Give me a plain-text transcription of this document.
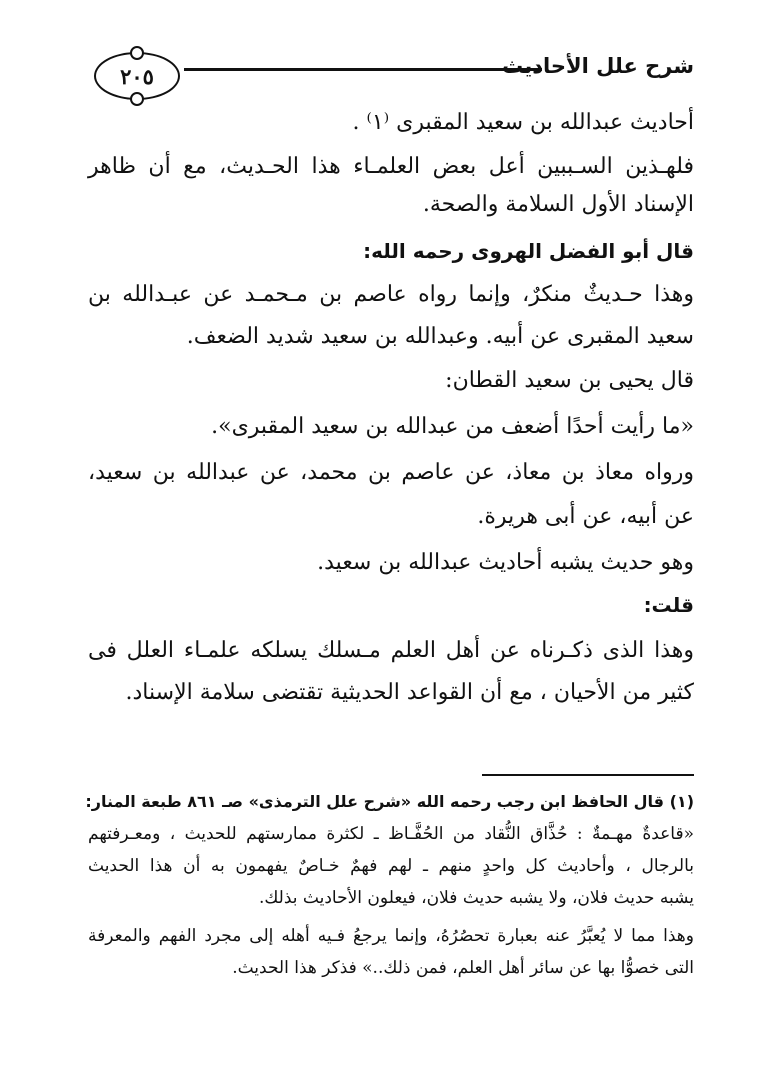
٢٠٥	شرح علل الأحاديث
أحاديث عبدالله بن سعيد المقبرى ⁽١⁾ .
فلهـذين السـببين أعل بعض العلمـاء هذا الحـديث، مع أن ظاهر
الإسناد الأول السلامة والصحة.
قال أبو الفضل الهروى رحمه الله:
وهذا حـديثٌ منكرٌ، وإنما رواه عاصم بن مـحمـد عن عبـدالله بن
سعيد المقبرى عن أبيه. وعبدالله بن سعيد شديد الضعف.
قال يحيى بن سعيد القطان:
«ما رأيت أحدًا أضعف من عبدالله بن سعيد المقبرى».
ورواه معاذ بن معاذ، عن عاصم بن محمد، عن عبدالله بن سعيد،
عن أبيه، عن أبى هريرة.
وهو حديث يشبه أحاديث عبدالله بن سعيد.
قلت:
وهذا الذى ذكـرناه عن أهل العلم مـسلك يسلكه علمـاء العلل فى
كثير من الأحيان ، مع أن القواعد الحديثية تقتضى سلامة الإسناد.
(١) قال الحافظ ابن رجب رحمه الله «شرح علل الترمذى» صـ ٨٦١ طبعة المنار:
«قاعدةٌ مهـمةٌ : حُذَّاق النُّقاد من الحُفَّـاظ ـ لكثرة ممارستهم للحديث ، ومعـرفتهم
بالرجال ، وأحاديث كل واحدٍ منهم ـ لهم فهمٌ خـاصٌ يفهمون به أن هذا الحديث
يشبه حديث فلان، ولا يشبه حديث فلان، فيعلون الأحاديث بذلك.
وهذا مما لا يُعبَّرُ عنه بعبارة تحصُرُهُ، وإنما يرجعُ فـيه أهله إلى مجرد الفهم والمعرفة
التى خصوُّا بها عن سائر أهل العلم، فمن ذلك..» فذكر هذا الحديث.
